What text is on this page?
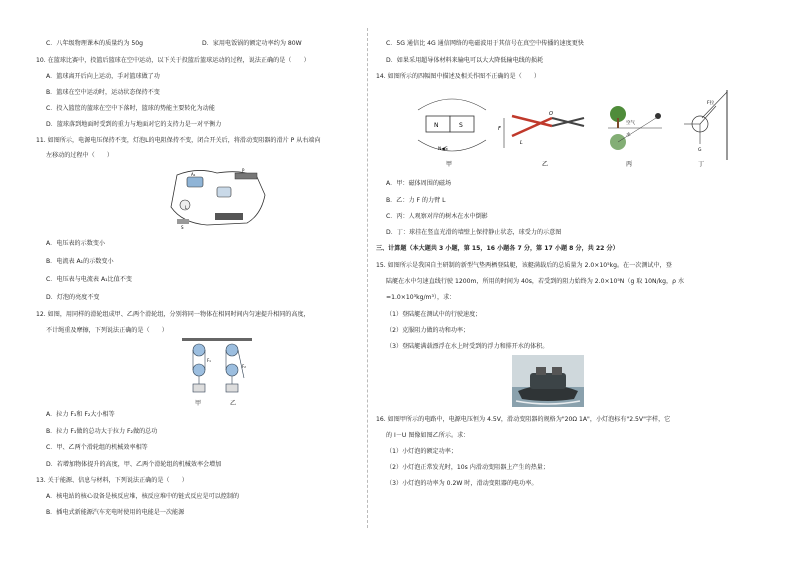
C．八年级物理课本的质量约为 50g	D．家用电饭锅的额定功率约为 80W
10. 在篮球比赛中，投篮后篮球在空中运动，以下关于投篮后篮球运动的过程，说法正确的是（　　）
A．篮球离开后向上运动，手对篮球做了功
B．篮球在空中运动时，运动状态保持不变
C．投入篮筐的篮球在空中下落时，篮球的势能主要转化为动能
D．篮球落到地面时受到的重力与地面对它的支持力是一对平衡力
11. 如图所示，电源电压保持不变，灯泡L的电阻保持不变，闭合开关后，将滑动变阻器的滑片 P 从右端向
左移动的过程中（　　）
A₁
L
P
S
A．电压表的示数变小
B．电流表 A₁的示数变小
C．电压表与电流表 A₁比值不变
D．灯泡的亮度不变
12. 如图，用同样的滑轮组成甲、乙两个滑轮组，分别将同一物体在相同时间内匀速提升相同的高度，
不计绳重及摩擦，下列说法正确的是（　　）
F₁
F₂
甲	乙
A．拉力 F₁和 F₂大小相等
B．拉力 F₁做的总功大于拉力 F₂做的总功
C．甲、乙两个滑轮组的机械效率相等
D．若增加物体提升的高度，甲、乙两个滑轮组的机械效率会增加
13. 关于能源、信息与材料，下列说法正确的是（　　）
A．核电站的核心设备是核反应堆，核反应堆中的链式反应是可以控制的
B．插电式新能源汽车充电时使用的电能是一次能源
C．5G 通信比 4G 通信网络的电磁波用于其信号在真空中传播的速度更快
D．如果采用超导体材料来输电可以大大降低输电线的损耗
14. 如图所示的四幅图中描述及相关作图不正确的是（　　）
N	S
N◀S
F
L
O
空气
水
F拉
G
甲	乙	丙	丁
A．甲：磁体周围的磁场
B．乙：力 F 的力臂 L
C．丙：人观察对岸的树木在水中倒影
D．丁：球挂在竖直光滑的墙壁上保持静止状态，球受力的示意图
三、计算题（本大题共 3 小题，第 15，16 小题各 7 分，第 17 小题 8 分，共 22 分）
15. 如图所示是我国自主研制的新型气垫两栖登陆艇，该艇满载后的总质量为 2.0×10⁵kg。在一次测试中，登
陆艇在水中匀速直线行驶 1200m，所用的时间为 40s，若受到的阻力始终为 2.0×10⁵N（g 取 10N/kg，ρ 水
=1.0×10³kg/m³），求：
（1）登陆艇在测试中的行驶速度；
（2）克服阻力做的功和功率；
（3）登陆艇满载漂浮在水上时受到的浮力和排开水的体积。
16. 如图甲所示的电路中，电源电压恒为 4.5V，滑动变阻器的规格为"20Ω 1A"，小灯泡标有"2.5V"字样，它
的 I－U 图像如图乙所示。求：
（1）小灯泡的额定功率；
（2）小灯泡正常发光时，10s 内滑动变阻器上产生的热量；
（3）小灯泡的功率为 0.2W 时，滑动变阻器的电功率。
